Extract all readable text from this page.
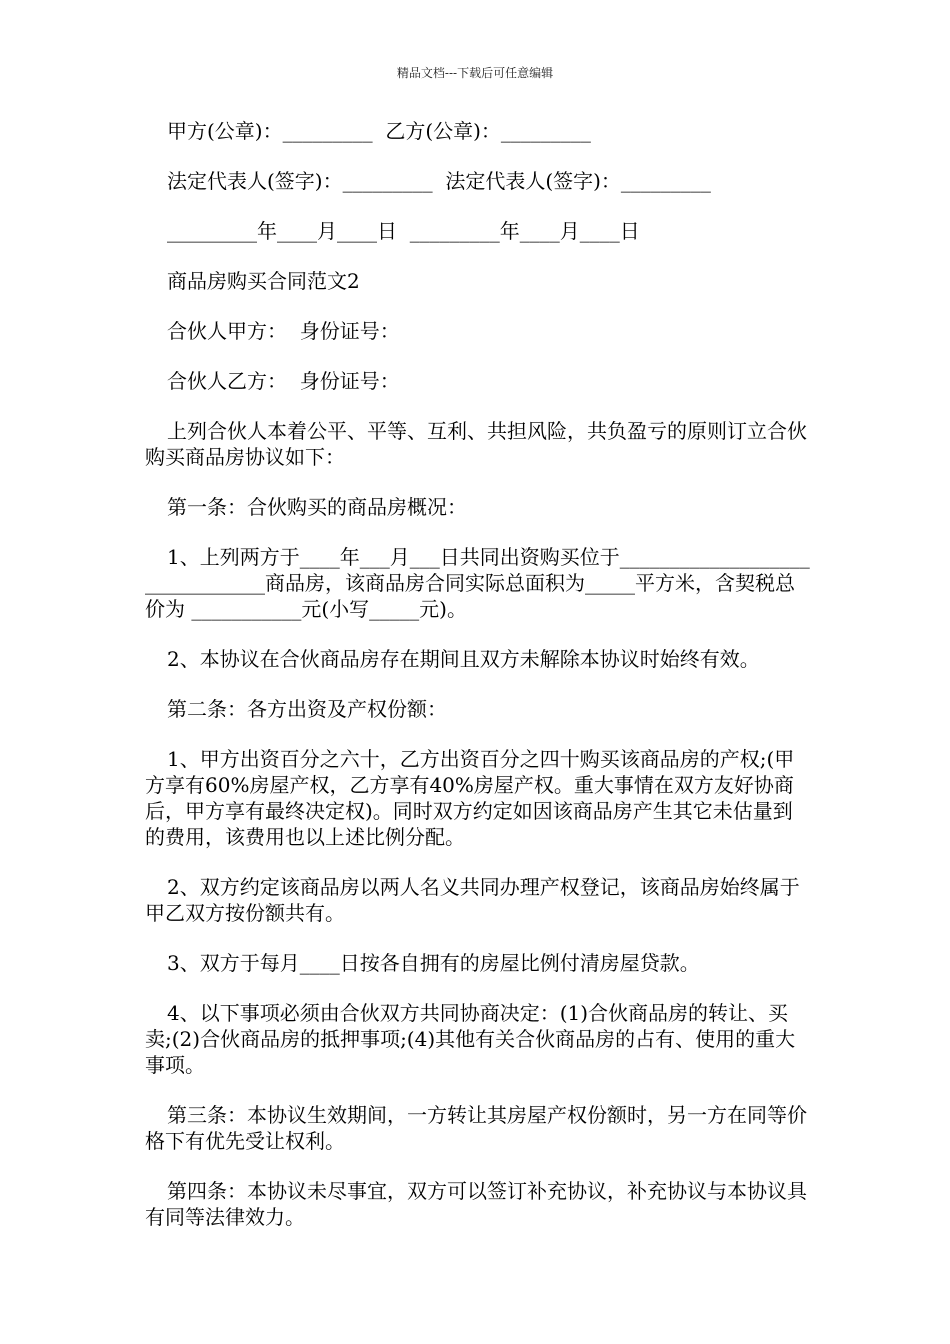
精品文档---下载后可任意编辑

甲方(公章)：_________  乙方(公章)：_________

法定代表人(签字)：_________  法定代表人(签字)：_________

_________年____月____日  _________年____月____日

商品房购买合同范文2

合伙人甲方：  身份证号：

合伙人乙方：  身份证号：

上列合伙人本着公平、平等、互利、共担风险，共负盈亏的原则订立合伙购买商品房协议如下：

第一条：合伙购买的商品房概况：

1、上列两方于____年___月___日共同出资购买位于_______________________________商品房，该商品房合同实际总面积为_____平方米，含契税总价为 ___________元(小写_____元)。

2、本协议在合伙商品房存在期间且双方未解除本协议时始终有效。

第二条：各方出资及产权份额：

1、甲方出资百分之六十，乙方出资百分之四十购买该商品房的产权;(甲方享有60%房屋产权，乙方享有40%房屋产权。重大事情在双方友好协商后，甲方享有最终决定权)。同时双方约定如因该商品房产生其它未估量到的费用，该费用也以上述比例分配。

2、双方约定该商品房以两人名义共同办理产权登记，该商品房始终属于甲乙双方按份额共有。

3、双方于每月____日按各自拥有的房屋比例付清房屋贷款。

4、以下事项必须由合伙双方共同协商决定：(1)合伙商品房的转让、买卖;(2)合伙商品房的抵押事项;(4)其他有关合伙商品房的占有、使用的重大事项。

第三条：本协议生效期间，一方转让其房屋产权份额时，另一方在同等价格下有优先受让权利。

第四条：本协议未尽事宜，双方可以签订补充协议，补充协议与本协议具有同等法律效力。
